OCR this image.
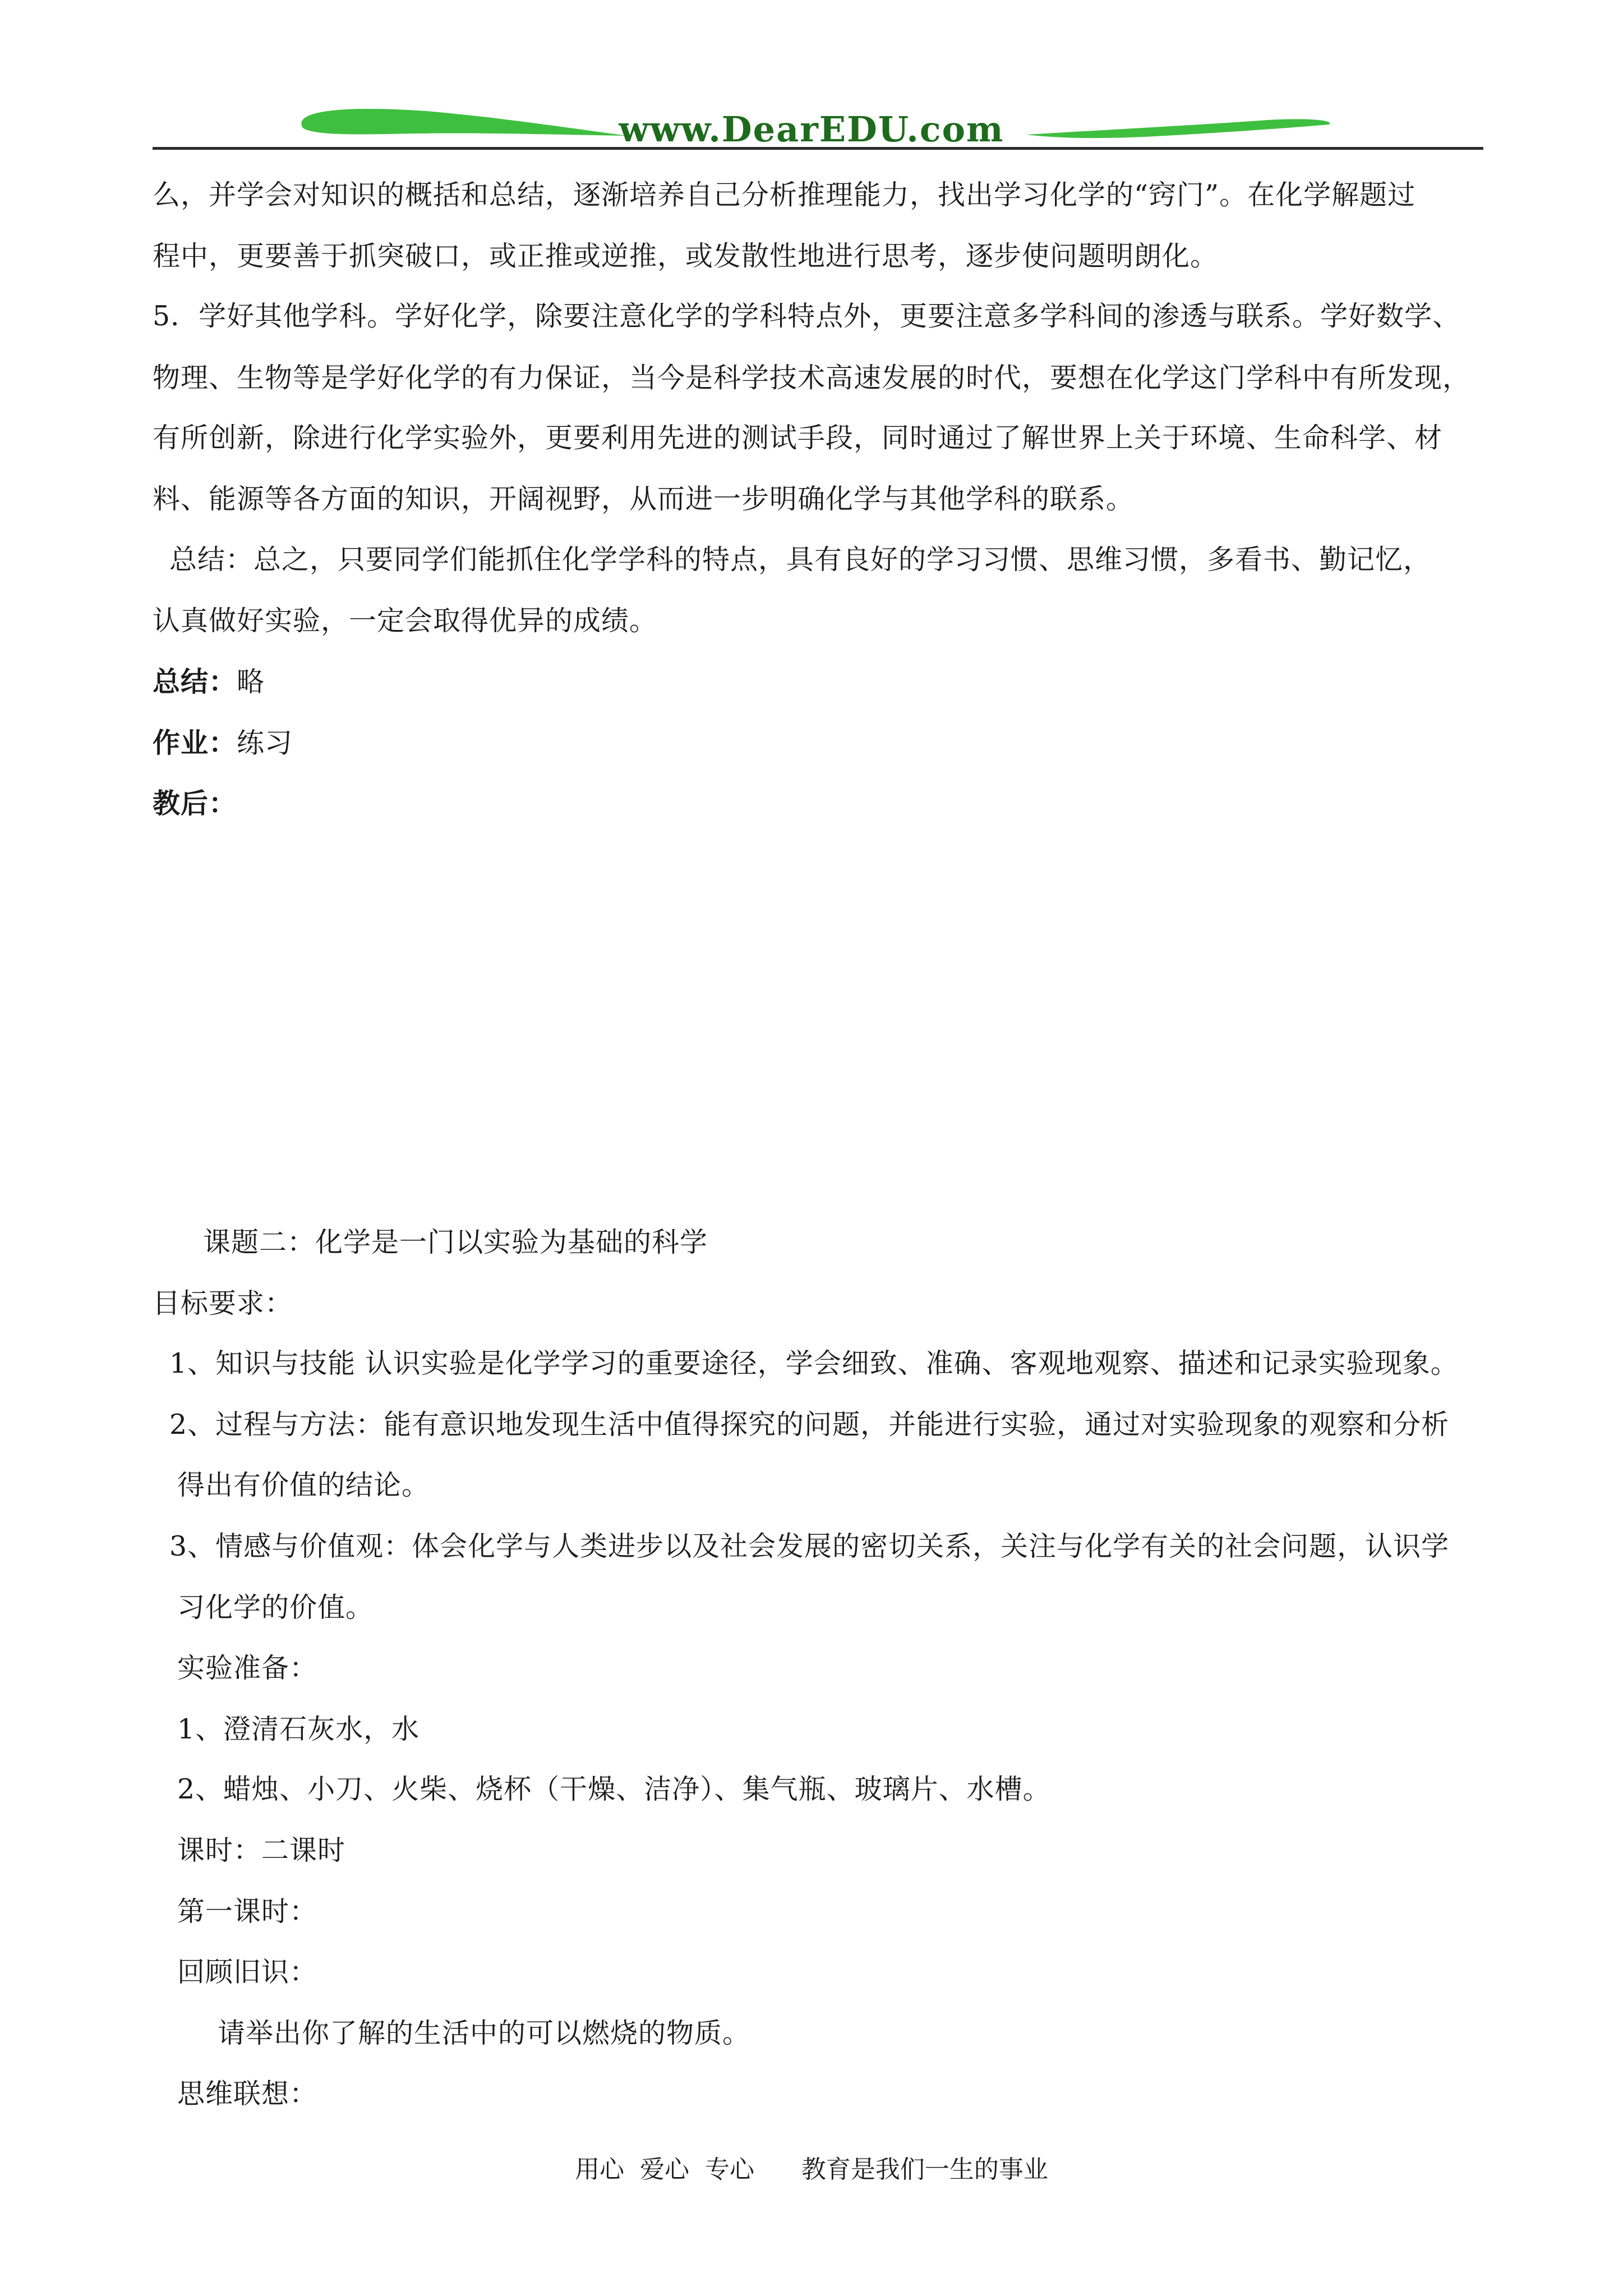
www.DearEDU.com
么，并学会对知识的概括和总结，逐渐培养自己分析推理能力，找出学习化学的“窍门”。在化学解题过
程中，更要善于抓突破口，或正推或逆推，或发散性地进行思考，逐步使问题明朗化。
5．学好其他学科。学好化学，除要注意化学的学科特点外，更要注意多学科间的渗透与联系。学好数学、
物理、生物等是学好化学的有力保证，当今是科学技术高速发展的时代，要想在化学这门学科中有所发现，
有所创新，除进行化学实验外，更要利用先进的测试手段，同时通过了解世界上关于环境、生命科学、材
料、能源等各方面的知识，开阔视野，从而进一步明确化学与其他学科的联系。
总结：总之，只要同学们能抓住化学学科的特点，具有良好的学习习惯、思维习惯，多看书、勤记忆，
认真做好实验，一定会取得优异的成绩。
总结：略
作业：练习
教后：
课题二：化学是一门以实验为基础的科学
目标要求：
1、知识与技能 认识实验是化学学习的重要途径，学会细致、准确、客观地观察、描述和记录实验现象。
2、过程与方法：能有意识地发现生活中值得探究的问题，并能进行实验，通过对实验现象的观察和分析
得出有价值的结论。
3、情感与价值观：体会化学与人类进步以及社会发展的密切关系，关注与化学有关的社会问题，认识学
习化学的价值。
实验准备：
1、澄清石灰水，水
2、蜡烛、小刀、火柴、烧杯（干燥、洁净）、集气瓶、玻璃片、水槽。
课时：二课时
第一课时：
回顾旧识：
请举出你了解的生活中的可以燃烧的物质。
思维联想：
用心  爱心  专心      教育是我们一生的事业
